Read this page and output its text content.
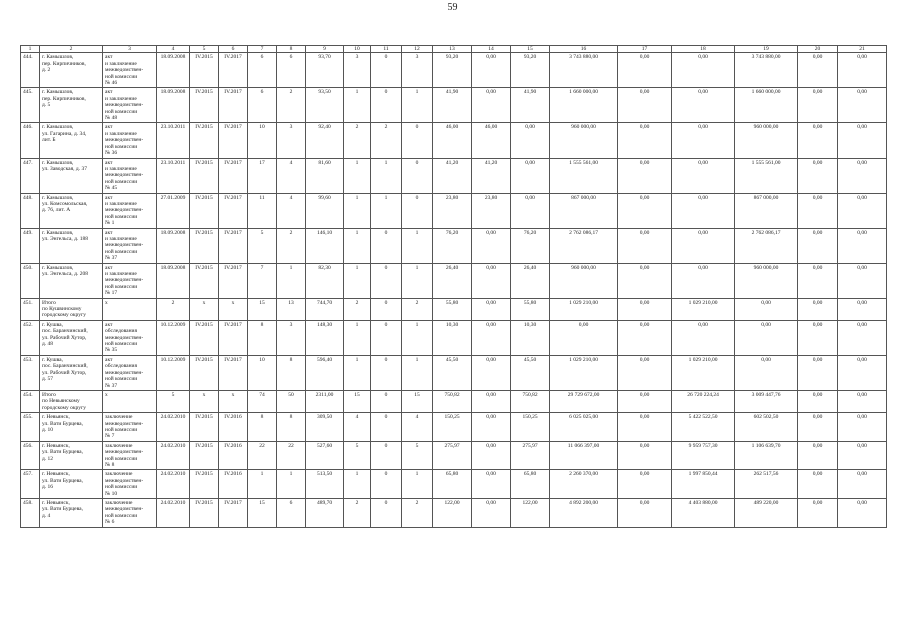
59
1	2	3	4	5	6	7	8	9	10	11	12	13	14	15	16	17	18	19	20	21
444.	г. Камышлов,
пер. Кирпичников,
д. 2	акт
и заключение
межведомствен-
ной комиссии
№ 46	18.09.2008	IV.2015	IV.2017	6	6	93,70	3	0	3	93,20	0,00	93,20	3 743 880,00	0,00	0,00	3 743 880,00	0,00	0,00
445.	г. Камышлов,
пер. Кирпичников,
д. 5	акт
и заключение
межведомствен-
ной комиссии
№ 48	18.09.2008	IV.2015	IV.2017	6	2	93,50	1	0	1	41,90	0,00	41,90	1 660 000,00	0,00	0,00	1 660 000,00	0,00	0,00
446.	г. Камышлов,
ул. Гагарина, д. 34,
лит. Б	акт
и заключение
межведомствен-
ной комиссии
№ 36	23.10.2011	IV.2015	IV.2017	10	3	92,40	2	2	0	46,00	46,00	0,00	960 000,00	0,00	0,00	960 000,00	0,00	0,00
447.	г. Камышлов,
ул. Заводская, д. 37	акт
и заключение
межведомствен-
ной комиссии
№ 45	23.10.2011	IV.2015	IV.2017	17	4	81,60	1	1	0	41,20	41,20	0,00	1 555 561,00	0,00	0,00	1 555 561,00	0,00	0,00
448.	г. Камышлов,
ул. Комсомольская,
д. 76, лит. А	акт
и заключение
межведомствен-
ной комиссии
№ 1	27.01.2009	IV.2015	IV.2017	11	4	99,60	1	1	0	23,80	23,80	0,00	867 000,00	0,00	0,00	867 000,00	0,00	0,00
449.	г. Камышлов,
ул. Энгельса, д. 188	акт
и заключение
межведомствен-
ной комиссии
№ 37	18.09.2008	IV.2015	IV.2017	5	2	146,10	1	0	1	76,20	0,00	76,20	2 762 086,17	0,00	0,00	2 762 086,17	0,00	0,00
450.	г. Камышлов,
ул. Энгельса, д. 208	акт
и заключение
межведомствен-
ной комиссии
№ 17	18.09.2008	IV.2015	IV.2017	7	1	82,30	1	0	1	26,40	0,00	26,40	960 000,00	0,00	0,00	960 000,00	0,00	0,00
451.	Итого
по Кушвинскому
городскому округу	x	2	x	x	15	13	744,70	2	0	2	55,80	0,00	55,80	1 029 210,00	0,00	1 029 210,00	0,00	0,00	0,00
452.	г. Кушва,
пос. Баранчинский,
ул. Рабочий Хутор,
д. 48	акт
обследования
межведомствен-
ной комиссии
№ 35	10.12.2009	IV.2015	IV.2017	8	3	148,30	1	0	1	10,30	0,00	10,30	0,00	0,00	0,00	0,00	0,00	0,00
453.	г. Кушва,
пос. Баранчинский,
ул. Рабочий Хутор,
д. 57	акт
обследования
межведомствен-
ной комиссии
№ 37	10.12.2009	IV.2015	IV.2017	10	8	596,40	1	0	1	45,50	0,00	45,50	1 029 210,00	0,00	1 029 210,00	0,00	0,00	0,00
454.	Итого
по Невьянскому
городскому округу	x	5	x	x	74	50	2311,00	15	0	15	750,82	0,00	750,82	29 729 672,00	0,00	26 720 224,24	3 009 447,76	0,00	0,00
455.	г. Невьянск,
ул. Вати Бурцева,
д. 10	заключение
межведомствен-
ной комиссии
№ 7	24.02.2010	IV.2015	IV.2016	8	8	309,50	4	0	4	150,25	0,00	150,25	6 025 025,00	0,00	5 422 522,50	602 502,50	0,00	0,00
456.	г. Невьянск,
ул. Вати Бурцева,
д. 12	заключение
межведомствен-
ной комиссии
№ 8	24.02.2010	IV.2015	IV.2016	22	22	527,60	5	0	5	275,97	0,00	275,97	11 066 397,00	0,00	9 959 757,30	1 106 639,70	0,00	0,00
457.	г. Невьянск,
ул. Вати Бурцева,
д. 16	заключение
межведомствен-
ной комиссии
№ 10	24.02.2010	IV.2015	IV.2016	1	1	513,50	1	0	1	65,80	0,00	65,80	2 260 370,00	0,00	1 997 850,44	262 517,56	0,00	0,00
458.	г. Невьянск,
ул. Вати Бурцева,
д. 4	заключение
межведомствен-
ной комиссии
№ 6	24.02.2010	IV.2015	IV.2017	15	6	489,70	2	0	2	122,00	0,00	122,00	4 892 200,00	0,00	4 403 880,00	489 220,00	0,00	0,00
